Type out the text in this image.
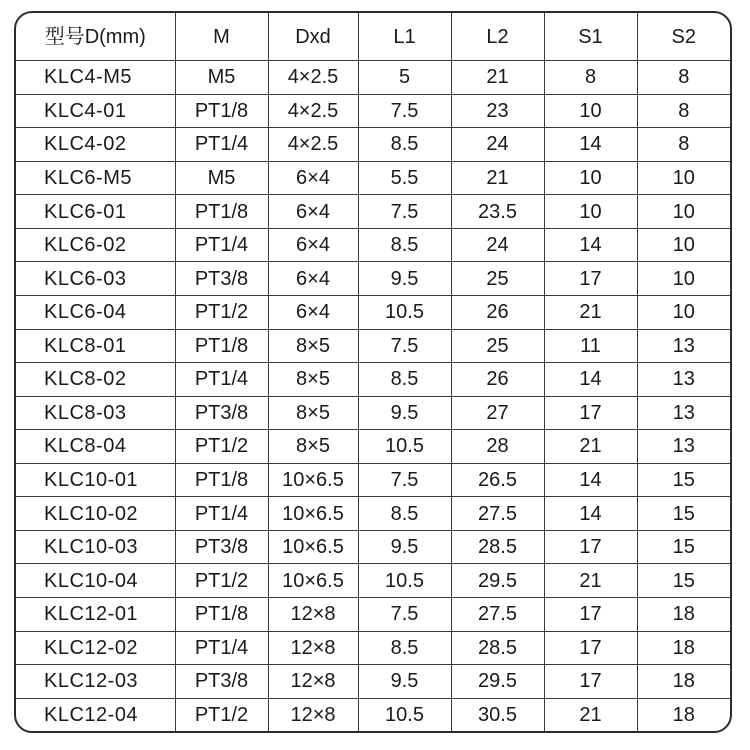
型号D(mm)	M	Dxd	L1	L2	S1	S2
KLC4-M5	M5	4×2.5	5	21	8	8
KLC4-01	PT1/8	4×2.5	7.5	23	10	8
KLC4-02	PT1/4	4×2.5	8.5	24	14	8
KLC6-M5	M5	6×4	5.5	21	10	10
KLC6-01	PT1/8	6×4	7.5	23.5	10	10
KLC6-02	PT1/4	6×4	8.5	24	14	10
KLC6-03	PT3/8	6×4	9.5	25	17	10
KLC6-04	PT1/2	6×4	10.5	26	21	10
KLC8-01	PT1/8	8×5	7.5	25	11	13
KLC8-02	PT1/4	8×5	8.5	26	14	13
KLC8-03	PT3/8	8×5	9.5	27	17	13
KLC8-04	PT1/2	8×5	10.5	28	21	13
KLC10-01	PT1/8	10×6.5	7.5	26.5	14	15
KLC10-02	PT1/4	10×6.5	8.5	27.5	14	15
KLC10-03	PT3/8	10×6.5	9.5	28.5	17	15
KLC10-04	PT1/2	10×6.5	10.5	29.5	21	15
KLC12-01	PT1/8	12×8	7.5	27.5	17	18
KLC12-02	PT1/4	12×8	8.5	28.5	17	18
KLC12-03	PT3/8	12×8	9.5	29.5	17	18
KLC12-04	PT1/2	12×8	10.5	30.5	21	18
